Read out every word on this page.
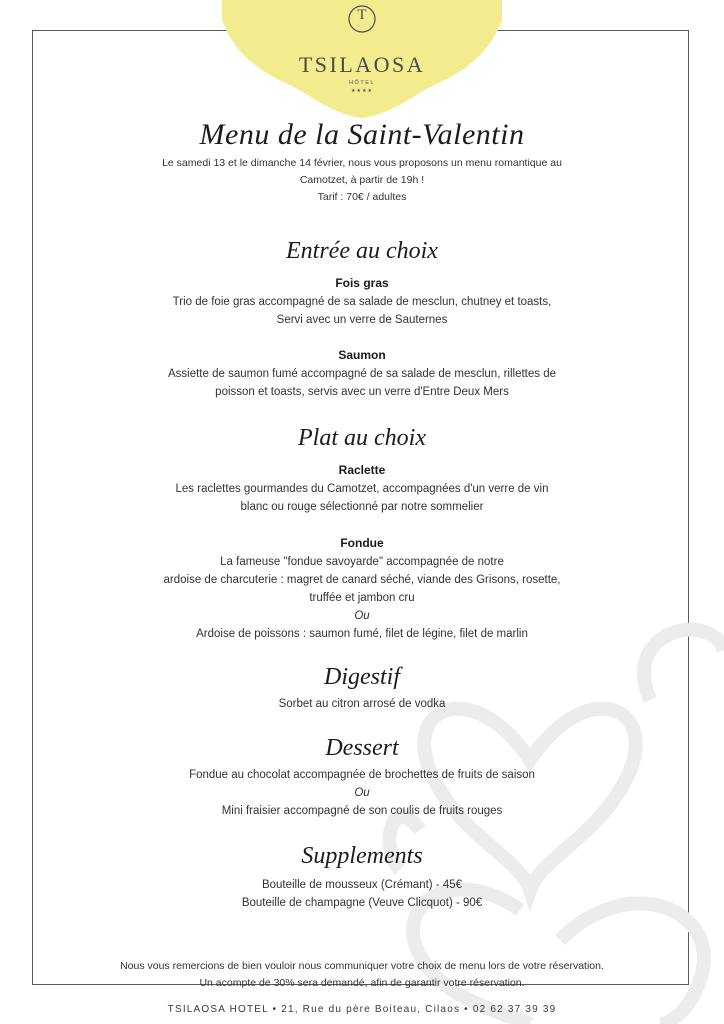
T
TSILAOSA
HÔTEL
★★★★
Menu de la Saint-Valentin
Le samedi 13 et le dimanche 14 février, nous vous proposons un menu romantique au
Camotzet, à partir de 19h !
Tarif : 70€ / adultes
Entrée au choix
Fois gras
Trio de foie gras accompagné de sa salade de mesclun, chutney et toasts,
Servi avec un verre de Sauternes
Saumon
Assiette de saumon fumé accompagné de sa salade de mesclun, rillettes de
poisson et toasts, servis avec un verre d'Entre Deux Mers
Plat au choix
Raclette
Les raclettes gourmandes du Camotzet, accompagnées d'un verre de vin
blanc ou rouge sélectionné par notre sommelier
Fondue
La fameuse "fondue savoyarde" accompagnée de notre
ardoise de charcuterie : magret de canard séché, viande des Grisons, rosette,
truffée et jambon cru
Ou
Ardoise de poissons : saumon fumé, filet de légine, filet de marlin
Digestif
Sorbet au citron arrosé de vodka
Dessert
Fondue au chocolat accompagnée de brochettes de fruits de saison
Ou
Mini fraisier accompagné de son coulis de fruits rouges
Supplements
Bouteille de mousseux (Crémant) - 45€
Bouteille de champagne (Veuve Clicquot) - 90€
Nous vous remercions de bien vouloir nous communiquer votre choix de menu lors de votre réservation.
Un acompte de 30% sera demandé, afin de garantir votre réservation.
TSILAOSA HOTEL • 21, Rue du père Boiteau, Cilaos • 02 62 37 39 39
